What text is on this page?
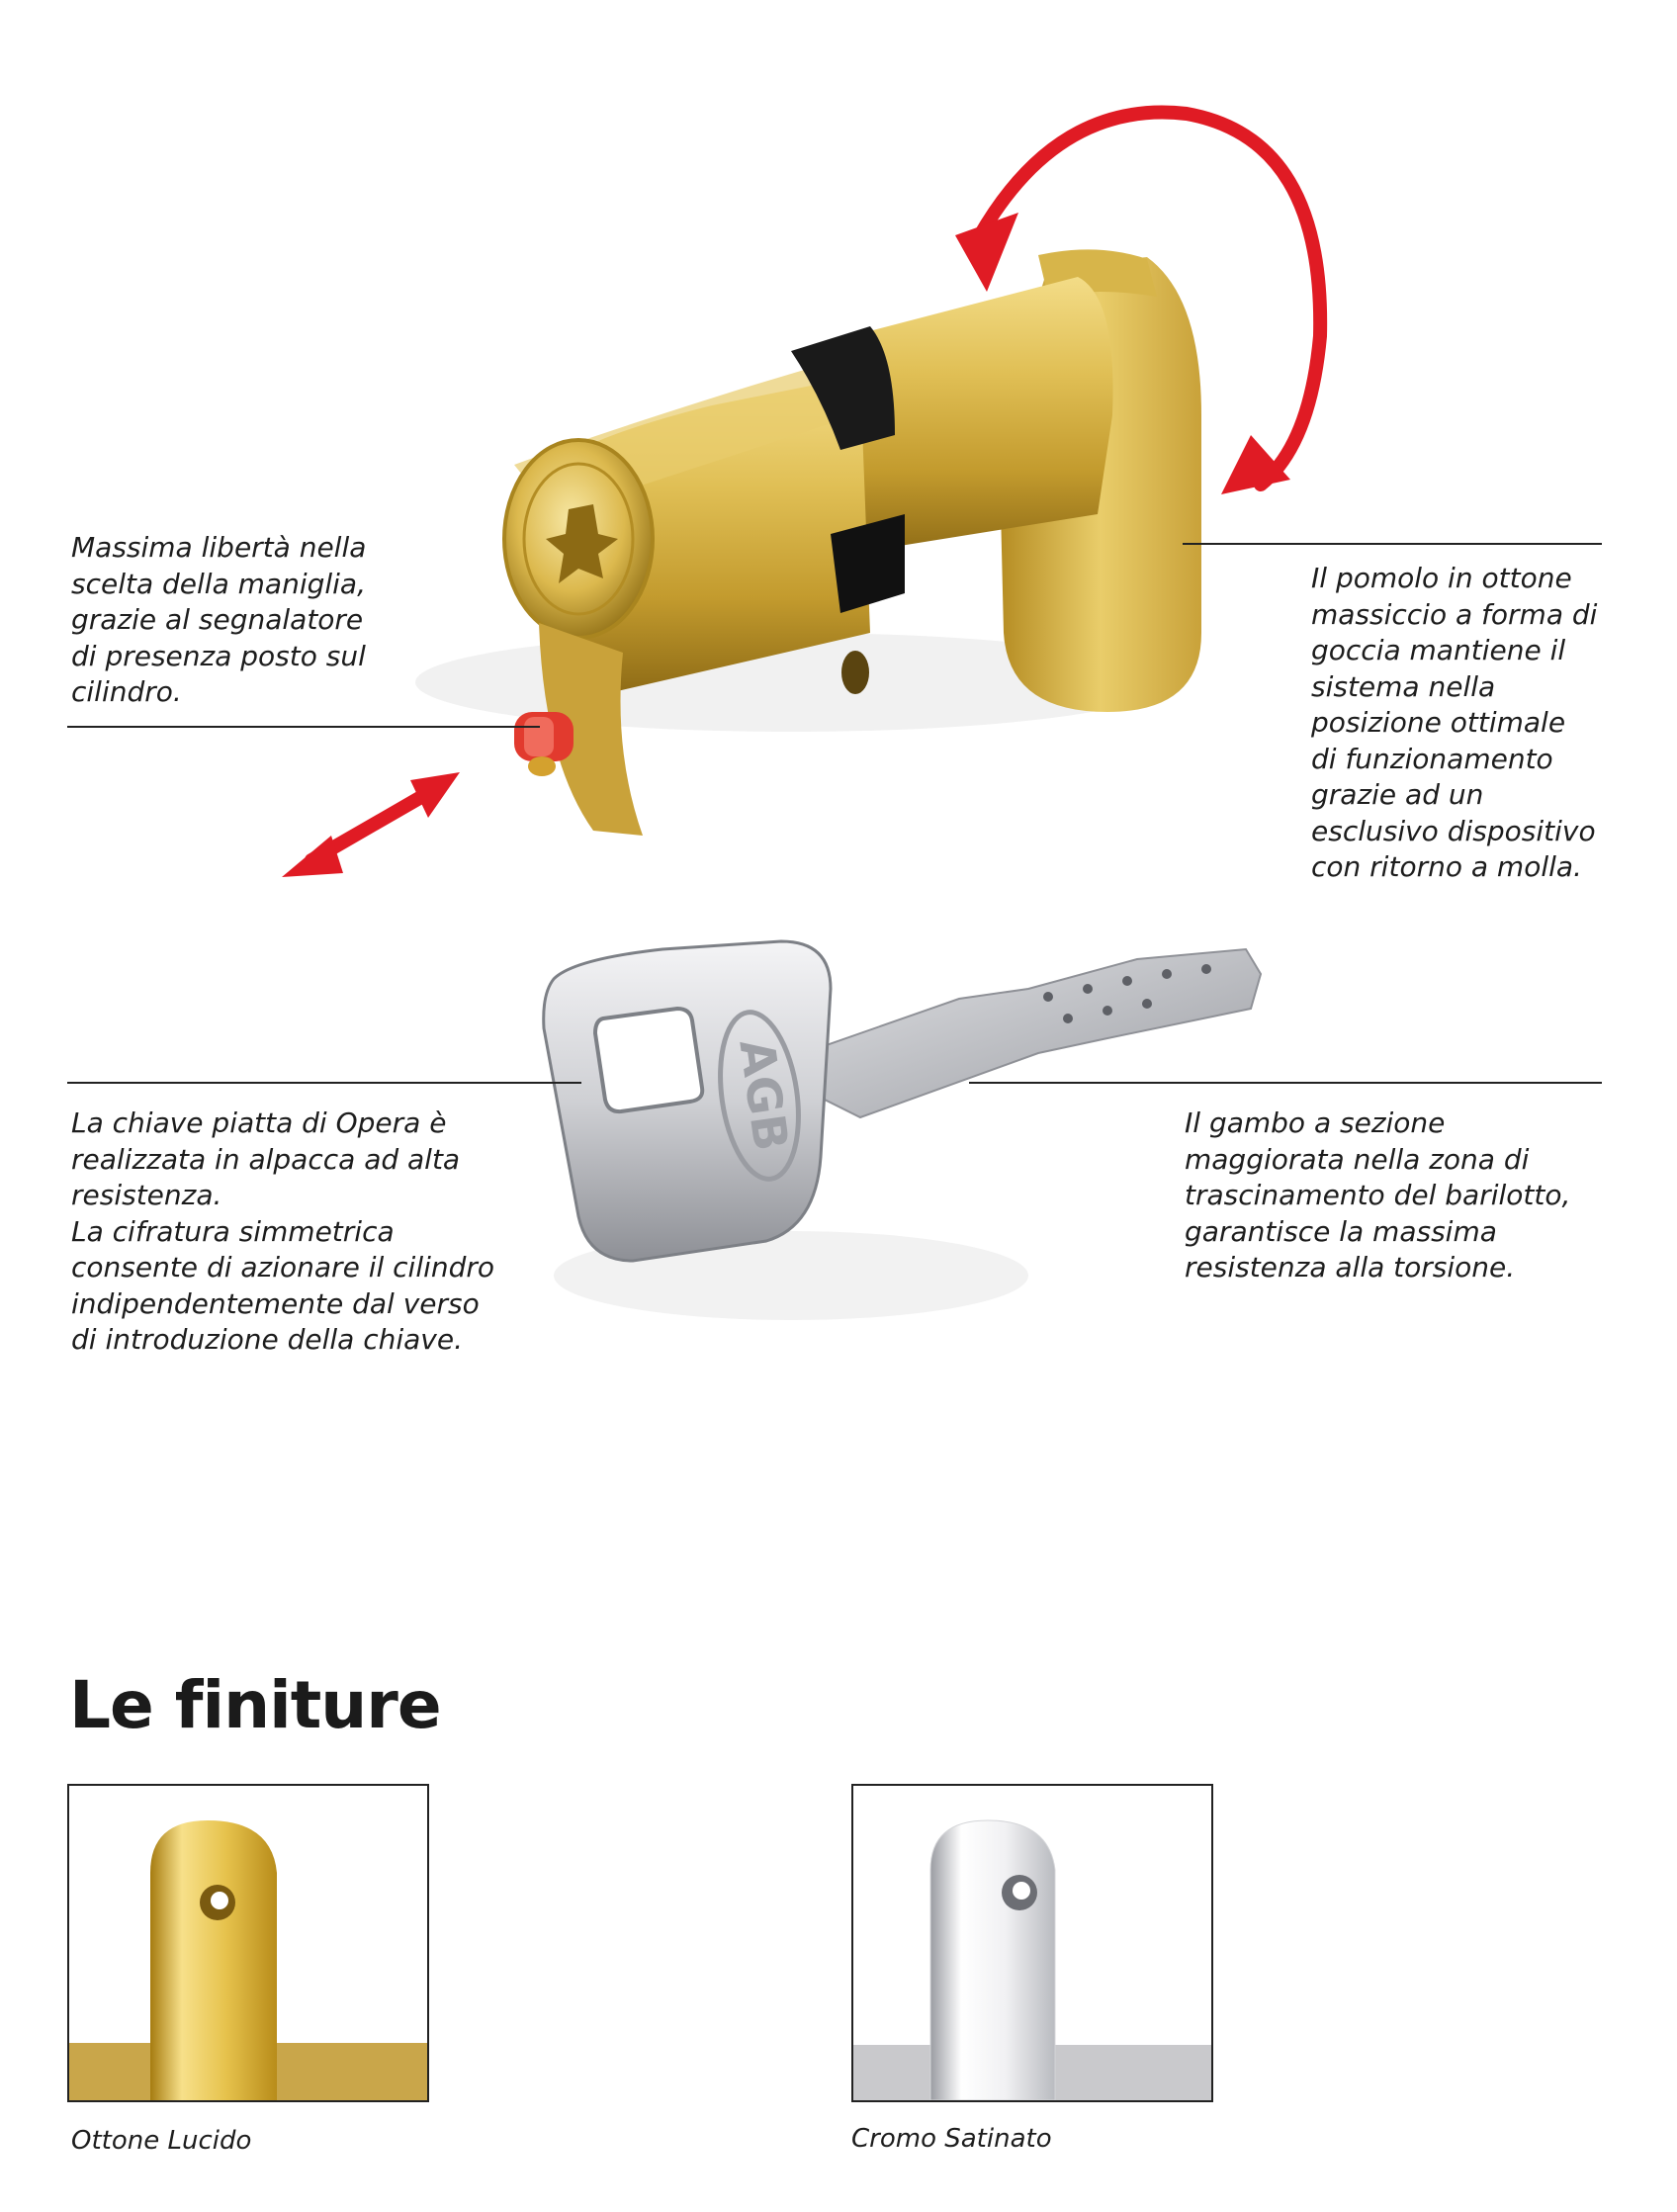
AGB
Massima libertà nella
scelta della maniglia,
grazie al segnalatore
di presenza posto sul
cilindro.
Il pomolo in ottone
massiccio a forma di
goccia mantiene il
sistema nella
posizione ottimale
di funzionamento
grazie ad un
esclusivo dispositivo
con ritorno a molla.
La chiave piatta di Opera è
realizzata in alpacca ad alta
resistenza.
La cifratura simmetrica
consente di azionare il cilindro
indipendentemente dal verso
di introduzione della chiave.
Il gambo a sezione
maggiorata nella zona di
trascinamento del barilotto,
garantisce la massima
resistenza alla torsione.
Le finiture
Ottone Lucido	Cromo Satinato
